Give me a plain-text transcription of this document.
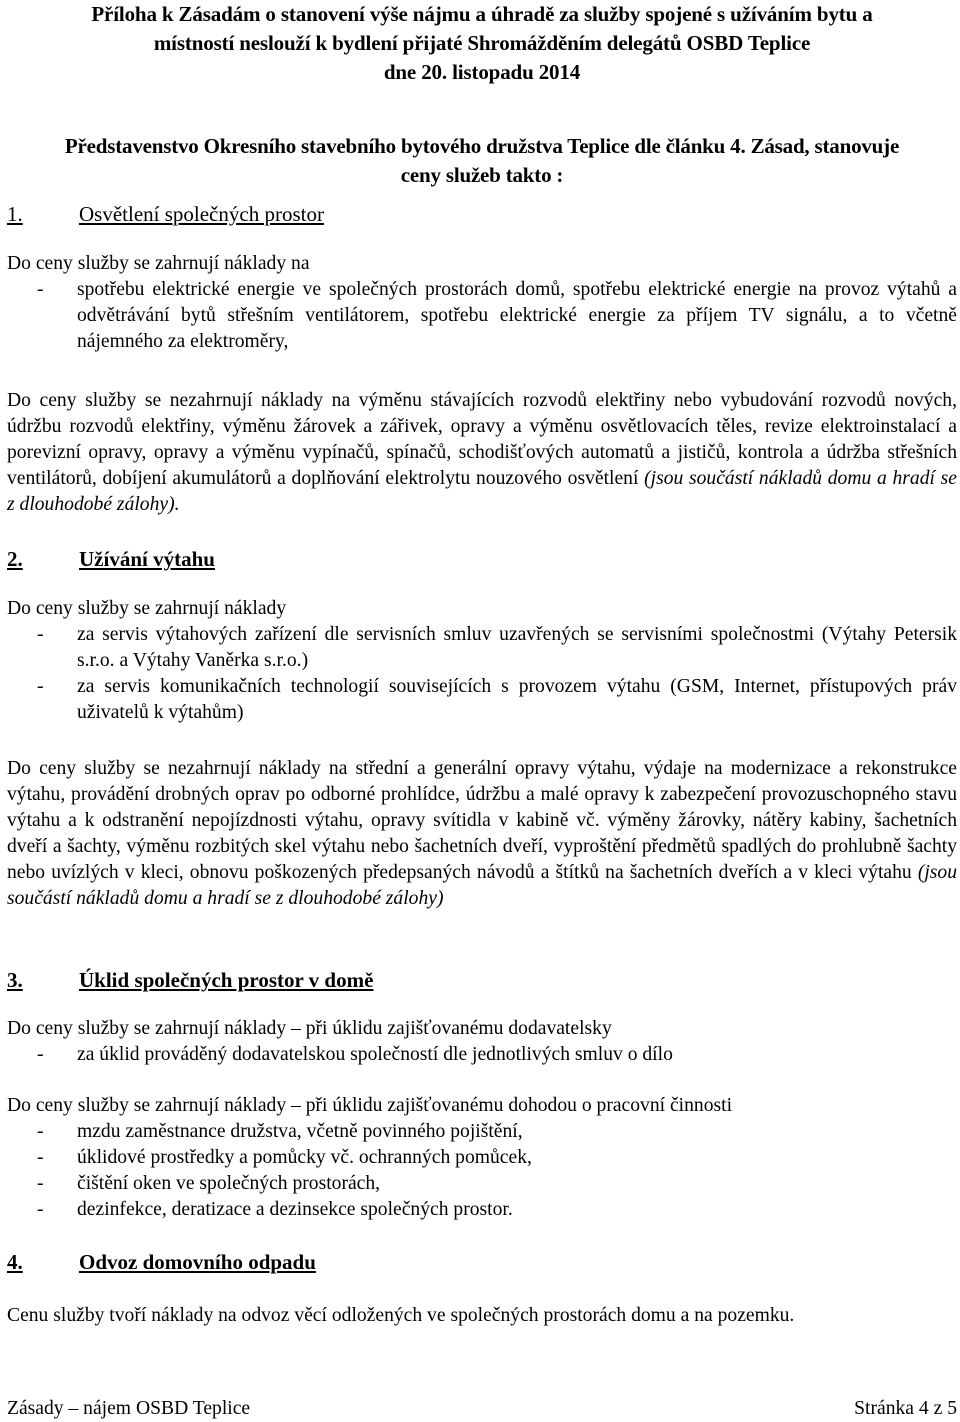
Příloha k Zásadám o stanovení výše nájmu a úhradě za služby spojené s užíváním bytu a
místností neslouží k bydlení přijaté Shromážděním delegátů OSBD Teplice
dne 20. listopadu 2014
Představenstvo Okresního stavebního bytového družstva Teplice dle článku 4. Zásad, stanovuje
ceny služeb takto :
1.	Osvětlení společných prostor

Do ceny služby se zahrnují náklady na

- spotřebu elektrické energie ve společných prostorách domů, spotřebu elektrické energie na provoz výtahů a odvětrávání bytů střešním ventilátorem, spotřebu elektrické energie za příjem TV signálu, a to včetně nájemného za elektroměry,
Do ceny služby se nezahrnují náklady na výměnu stávajících rozvodů elektřiny nebo vybudování rozvodů nových, údržbu rozvodů elektřiny, výměnu žárovek a zářivek, opravy a výměnu osvětlovacích těles, revize elektroinstalací a porevizní opravy, opravy a výměnu vypínačů, spínačů, schodišťových automatů a jističů, kontrola a údržba střešních ventilátorů, dobíjení akumulátorů a doplňování elektrolytu nouzového osvětlení (jsou součástí nákladů domu a hradí se z dlouhodobé zálohy).
2.	Užívání výtahu

Do ceny služby se zahrnují náklady

- za servis výtahových zařízení dle servisních smluv uzavřených se servisními společnostmi (Výtahy Petersik s.r.o. a Výtahy Vaněrka s.r.o.)
- za servis komunikačních technologií souvisejících s provozem výtahu (GSM, Internet, přístupových práv uživatelů k výtahům)
Do ceny služby se nezahrnují náklady na střední a generální opravy výtahu, výdaje na modernizace a rekonstrukce výtahu, provádění drobných oprav po odborné prohlídce, údržbu a malé opravy k zabezpečení provozuschopného stavu výtahu a k odstranění nepojízdnosti výtahu, opravy svítidla v kabině vč. výměny žárovky, nátěry kabiny, šachetních dveří a šachty, výměnu rozbitých skel výtahu nebo šachetních dveří, vyproštění předmětů spadlých do prohlubně šachty nebo uvízlých v kleci, obnovu poškozených předepsaných návodů a štítků na šachetních dveřích a v kleci výtahu (jsou součástí nákladů domu a hradí se z dlouhodobé zálohy)
3.	Úklid společných prostor v domě

Do ceny služby se zahrnují náklady – při úklidu zajišťovanému dodavatelsky

- za úklid prováděný dodavatelskou společností dle jednotlivých smluv o dílo

Do ceny služby se zahrnují náklady – při úklidu zajišťovanému dohodou o pracovní činnosti

- mzdu zaměstnance družstva, včetně povinného pojištění,
- úklidové prostředky a pomůcky vč. ochranných pomůcek,
- čištění oken ve společných prostorách,
- dezinfekce, deratizace a dezinsekce společných prostor.
4.	Odvoz domovního odpadu

Cenu služby tvoří náklady na odvoz věcí odložených ve společných prostorách domu a na pozemku.

Zásady – nájem OSBD Teplice	Stránka 4 z 5
